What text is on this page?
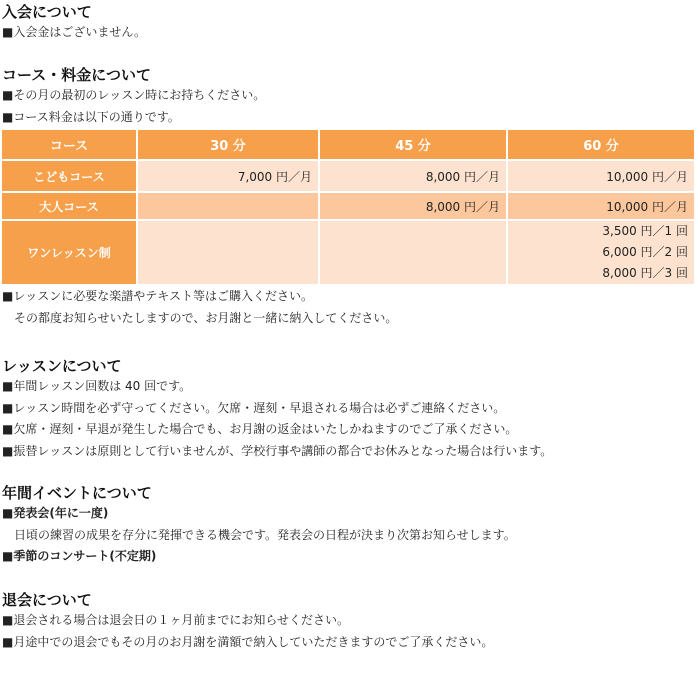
入会について
■入会金はございません。
コース・料金について
■その月の最初のレッスン時にお持ちください。
■コース料金は以下の通りです。
コース	30 分	45 分	60 分
こどもコース	7,000 円／月	8,000 円／月	10,000 円／月
大人コース		8,000 円／月	10,000 円／月
ワンレッスン制			3,500 円／1 回
6,000 円／2 回
8,000 円／3 回
■レッスンに必要な楽譜やテキスト等はご購入ください。
その都度お知らせいたしますので、お月謝と一緒に納入してください。
レッスンについて
■年間レッスン回数は 40 回です。
■レッスン時間を必ず守ってください。欠席・遅刻・早退される場合は必ずご連絡ください。
■欠席・遅刻・早退が発生した場合でも、お月謝の返金はいたしかねますのでご了承ください。
■振替レッスンは原則として行いませんが、学校行事や講師の都合でお休みとなった場合は行います。
年間イベントについて
■発表会(年に一度)
日頃の練習の成果を存分に発揮できる機会です。発表会の日程が決まり次第お知らせします。
■季節のコンサート(不定期)
退会について
■退会される場合は退会日の１ヶ月前までにお知らせください。
■月途中での退会でもその月のお月謝を満額で納入していただきますのでご了承ください。
